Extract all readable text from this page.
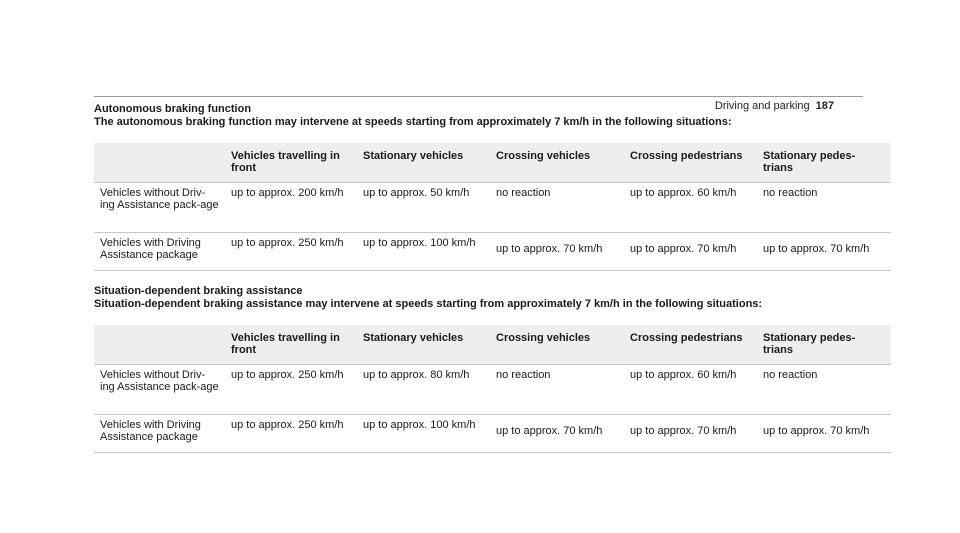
Driving and parking 187
Autonomous braking function
The autonomous braking function may intervene at speeds starting from approximately 7 km/h in the following situations:
	Vehicles travelling in front	Stationary vehicles	Crossing vehicles	Crossing pedestrians	Stationary pedes-trians
Vehicles without Driv-ing Assistance pack-age	up to approx. 200 km/h	up to approx. 50 km/h	no reaction	up to approx. 60 km/h	no reaction
Vehicles with Driving Assistance package	up to approx. 250 km/h	up to approx. 100 km/h	up to approx. 70 km/h	up to approx. 70 km/h	up to approx. 70 km/h
Situation-dependent braking assistance
Situation-dependent braking assistance may intervene at speeds starting from approximately 7 km/h in the following situations:
	Vehicles travelling in front	Stationary vehicles	Crossing vehicles	Crossing pedestrians	Stationary pedes-trians
Vehicles without Driv-ing Assistance pack-age	up to approx. 250 km/h	up to approx. 80 km/h	no reaction	up to approx. 60 km/h	no reaction
Vehicles with Driving Assistance package	up to approx. 250 km/h	up to approx. 100 km/h	up to approx. 70 km/h	up to approx. 70 km/h	up to approx. 70 km/h
